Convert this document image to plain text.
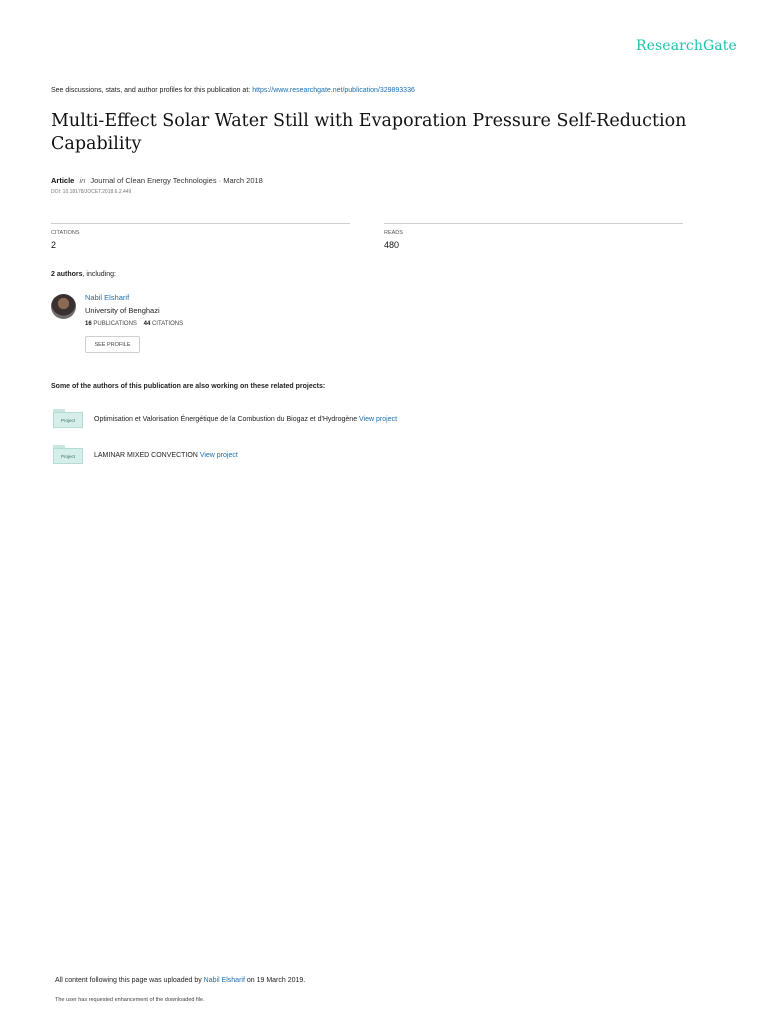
ResearchGate
See discussions, stats, and author profiles for this publication at: https://www.researchgate.net/publication/329893336
Multi-Effect Solar Water Still with Evaporation Pressure Self-Reduction Capability
Article in Journal of Clean Energy Technologies · March 2018
DOI: 10.18178/JOCET.2018.6.2.449
CITATIONS
2
READS
480
2 authors, including:
Nabil Elsharif
University of Benghazi
16 PUBLICATIONS 44 CITATIONS
SEE PROFILE
Some of the authors of this publication are also working on these related projects:
Project	Optimisation et Valorisation Énergétique de la Combustion du Biogaz et d'Hydrogène View project
Project	LAMINAR MIXED CONVECTION View project
All content following this page was uploaded by Nabil Elsharif on 19 March 2019.
The user has requested enhancement of the downloaded file.
